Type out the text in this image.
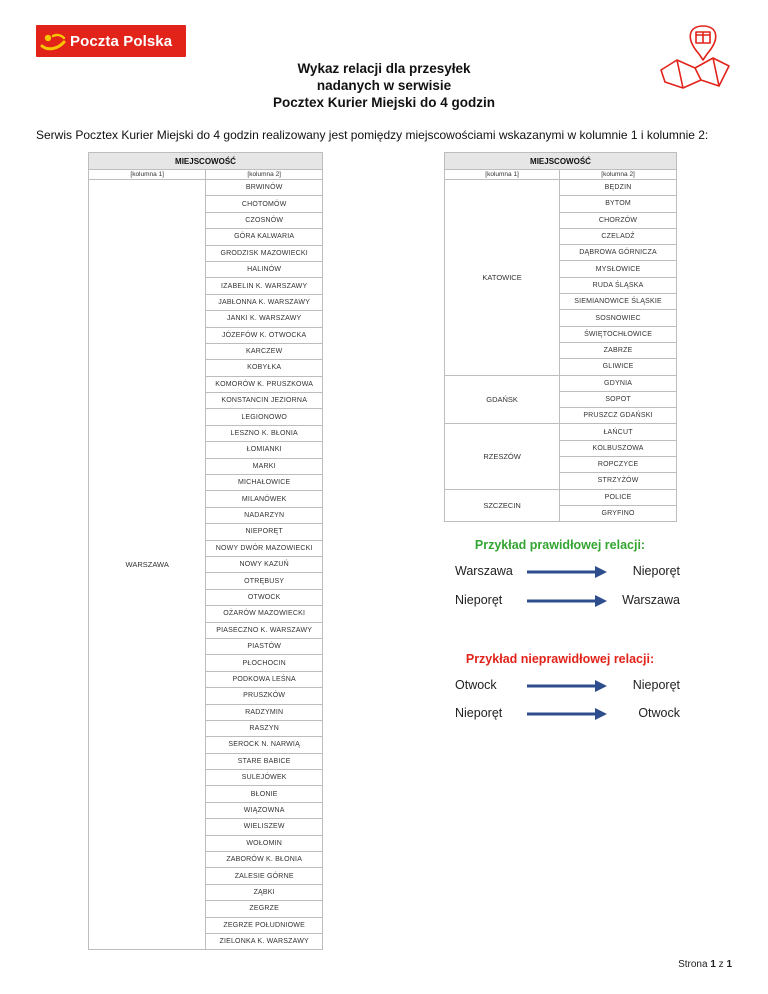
Poczta Polska
Wykaz relacji dla przesyłek
nadanych w serwisie
Pocztex Kurier Miejski do 4 godzin
Serwis Pocztex Kurier Miejski do 4 godzin realizowany jest pomiędzy miejscowościami wskazanymi w kolumnie 1 i kolumnie 2:
MIEJSCOWOŚĆ	
[kolumna 1]	[kolumna 2]
WARSZAWA	BRWINÓW
	CHOTOMÓW
	CZOSNÓW
	GÓRA KALWARIA
	GRODZISK MAZOWIECKI
	HALINÓW
	IZABELIN K. WARSZAWY
	JABŁONNA K. WARSZAWY
	JANKI K. WARSZAWY
	JÓZEFÓW K. OTWOCKA
	KARCZEW
	KOBYŁKA
	KOMORÓW K. PRUSZKOWA
	KONSTANCIN JEZIORNA
	LEGIONOWO
	LESZNO K. BŁONIA
	ŁOMIANKI
	MARKI
	MICHAŁOWICE
	MILANÓWEK
	NADARZYN
	NIEPORĘT
	NOWY DWÓR MAZOWIECKI
	NOWY KAZUŃ
	OTRĘBUSY
	OTWOCK
	OŻARÓW MAZOWIECKI
	PIASECZNO K. WARSZAWY
	PIASTÓW
	PŁOCHOCIN
	PODKOWA LEŚNA
	PRUSZKÓW
	RADZYMIN
	RASZYN
	SEROCK N. NARWIĄ
	STARE BABICE
	SULEJÓWEK
	BŁONIE
	WIĄZOWNA
	WIELISZEW
	WOŁOMIN
	ZABORÓW K. BŁONIA
	ZALESIE GÓRNE
	ZĄBKI
	ZEGRZE
	ZEGRZE POŁUDNIOWE
	ZIELONKA K. WARSZAWY
MIEJSCOWOŚĆ	
[kolumna 1]	[kolumna 2]
KATOWICE	BĘDZIN
	BYTOM
	CHORZÓW
	CZELADŹ
	DĄBROWA GÓRNICZA
	MYSŁOWICE
	RUDA ŚLĄSKA
	SIEMIANOWICE ŚLĄSKIE
	SOSNOWIEC
	ŚWIĘTOCHŁOWICE
	ZABRZE
	GLIWICE
GDAŃSK	GDYNIA
	SOPOT
	PRUSZCZ GDAŃSKI
RZESZÓW	ŁAŃCUT
	KOLBUSZOWA
	ROPCZYCE
	STRZYŻÓW
SZCZECIN	POLICE
	GRYFINO
Przykład prawidłowej relacji:
Warszawa	Nieporęt
Nieporęt	Warszawa
Przykład nieprawidłowej relacji:
Otwock	Nieporęt
Nieporęt	Otwock
Strona 1 z 1
